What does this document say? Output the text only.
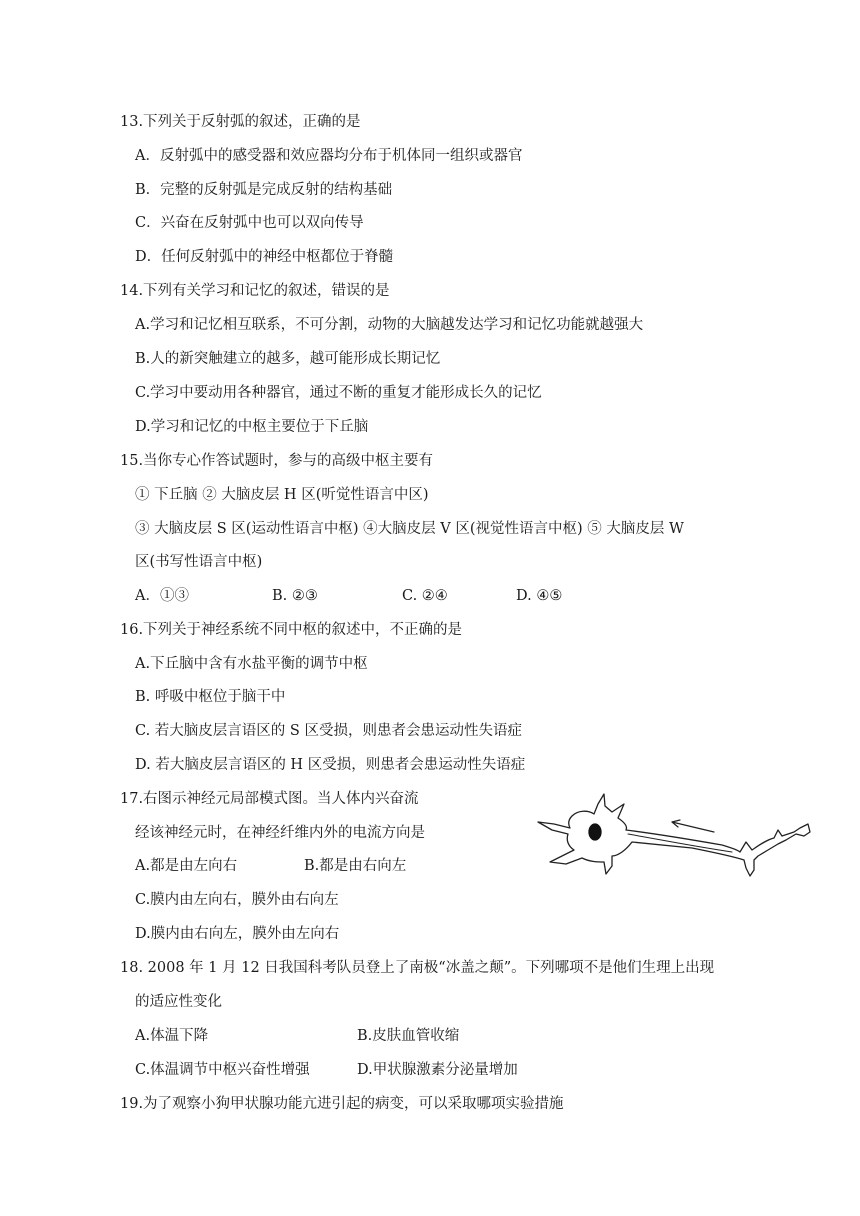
13.下列关于反射弧的叙述，正确的是
A．反射弧中的感受器和效应器均分布于机体同一组织或器官
B．完整的反射弧是完成反射的结构基础
C．兴奋在反射弧中也可以双向传导
D．任何反射弧中的神经中枢都位于脊髓
14.下列有关学习和记忆的叙述，错误的是
A.学习和记忆相互联系，不可分割，动物的大脑越发达学习和记忆功能就越强大
B.人的新突触建立的越多，越可能形成长期记忆
C.学习中要动用各种器官，通过不断的重复才能形成长久的记忆
D.学习和记忆的中枢主要位于下丘脑
15.当你专心作答试题时，参与的高级中枢主要有
① 下丘脑 ② 大脑皮层 H 区(听觉性语言中区)
③ 大脑皮层 S 区(运动性语言中枢) ④大脑皮层 V 区(视觉性语言中枢) ⑤ 大脑皮层 W
区(书写性语言中枢)
A．①③	B. ②③	C. ②④	D. ④⑤
16.下列关于神经系统不同中枢的叙述中，不正确的是
A.下丘脑中含有水盐平衡的调节中枢
B. 呼吸中枢位于脑干中
C. 若大脑皮层言语区的 S 区受损，则患者会患运动性失语症
D. 若大脑皮层言语区的 H 区受损，则患者会患运动性失语症
17.右图示神经元局部模式图。当人体内兴奋流
经该神经元时，在神经纤维内外的电流方向是
A.都是由左向右	B.都是由右向左
C.膜内由左向右，膜外由右向左
D.膜内由右向左，膜外由左向右
18. 2008 年 1 月 12 日我国科考队员登上了南极“冰盖之颠”。下列哪项不是他们生理上出现
的适应性变化
A.体温下降	B.皮肤血管收缩
C.体温调节中枢兴奋性增强	D.甲状腺激素分泌量增加
19.为了观察小狗甲状腺功能亢进引起的病变，可以采取哪项实验措施
